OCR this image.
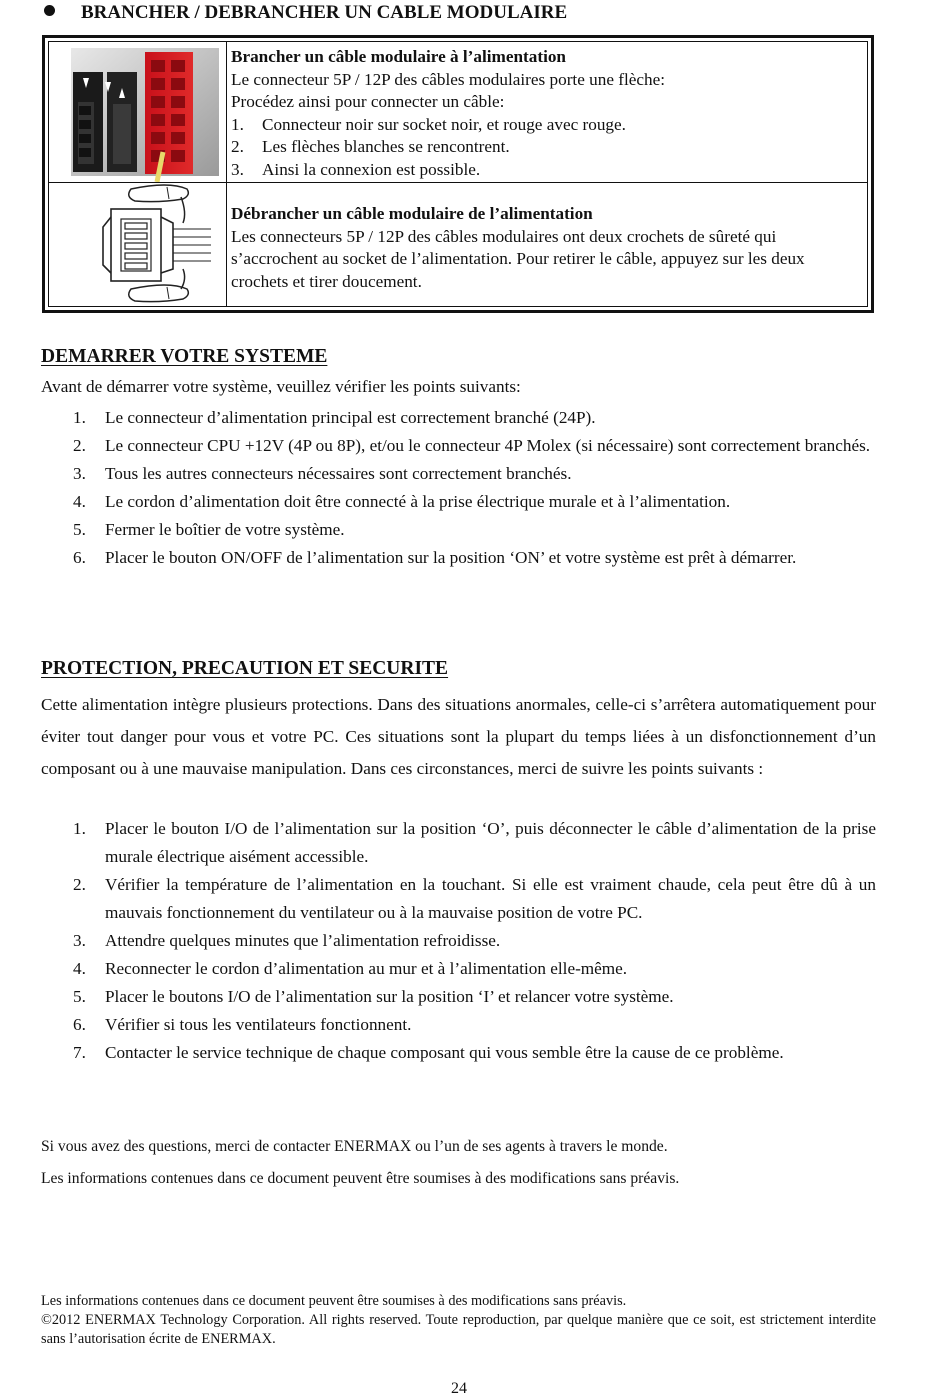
BRANCHER / DEBRANCHER UN CABLE MODULAIRE
Brancher un câble modulaire à l’alimentation
Le connecteur 5P / 12P des câbles modulaires porte une flèche:
Procédez ainsi pour connecter un câble:
1. Connecteur noir sur socket noir, et rouge avec rouge.
2. Les flèches blanches se rencontrent.
3. Ainsi la connexion est possible.
Débrancher un câble modulaire de l’alimentation
Les connecteurs 5P / 12P des câbles modulaires ont deux crochets de sûreté qui s’accrochent au socket de l’alimentation. Pour retirer le câble, appuyez sur les deux crochets et tirer doucement.
DEMARRER VOTRE SYSTEME
Avant de démarrer votre système, veuillez vérifier les points suivants:
1. Le connecteur d’alimentation principal est correctement branché (24P).
2. Le connecteur CPU +12V (4P ou 8P), et/ou le connecteur 4P Molex (si nécessaire) sont correctement branchés.
3. Tous les autres connecteurs nécessaires sont correctement branchés.
4. Le cordon d’alimentation doit être connecté à la prise électrique murale et à l’alimentation.
5. Fermer le boîtier de votre système.
6. Placer le bouton ON/OFF de l’alimentation sur la position ‘ON’ et votre système est prêt à démarrer.
PROTECTION, PRECAUTION ET SECURITE
Cette alimentation intègre plusieurs protections. Dans des situations anormales, celle-ci s’arrêtera automatiquement pour éviter tout danger pour vous et votre PC. Ces situations sont la plupart du temps liées à un disfonctionnement d’un composant ou à une mauvaise manipulation. Dans ces circonstances, merci de suivre les points suivants :
1. Placer le bouton I/O de l’alimentation sur la position ‘O’, puis déconnecter le câble d’alimentation de la prise murale électrique aisément accessible.
2. Vérifier la température de l’alimentation en la touchant. Si elle est vraiment chaude, cela peut être dû à un mauvais fonctionnement du ventilateur ou à la mauvaise position de votre PC.
3. Attendre quelques minutes que l’alimentation refroidisse.
4. Reconnecter le cordon d’alimentation au mur et à l’alimentation elle-même.
5. Placer le boutons I/O de l’alimentation sur la position ‘I’ et relancer votre système.
6. Vérifier si tous les ventilateurs fonctionnent.
7. Contacter le service technique de chaque composant qui vous semble être la cause de ce problème.
Si vous avez des questions, merci de contacter ENERMAX ou l’un de ses agents à travers le monde.
Les informations contenues dans ce document peuvent être soumises à des modifications sans préavis.
Les informations contenues dans ce document peuvent être soumises à des modifications sans préavis.
©2012 ENERMAX Technology Corporation. All rights reserved. Toute reproduction, par quelque manière que ce soit, est strictement interdite sans l’autorisation écrite de ENERMAX.
24
